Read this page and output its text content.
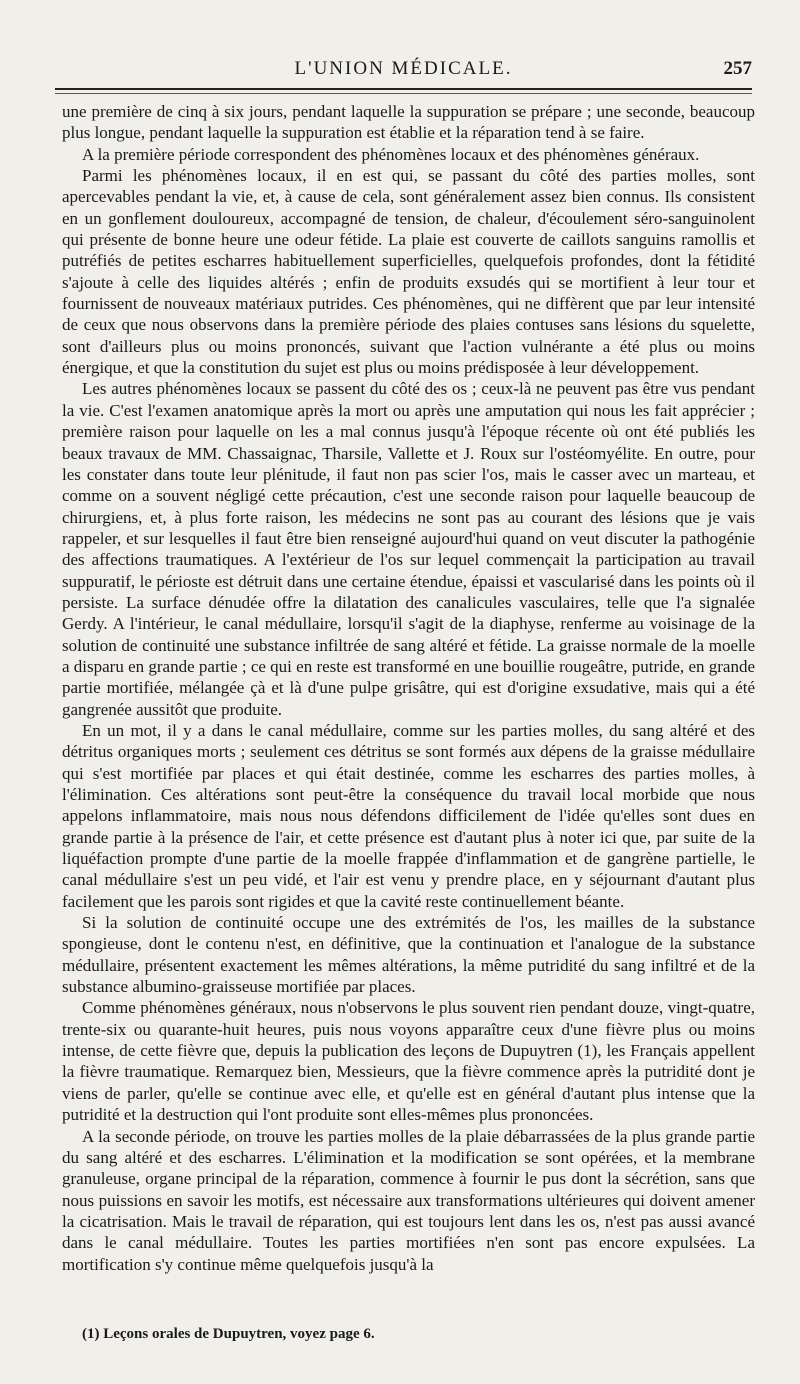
L'UNION MÉDICALE.	257

une première de cinq à six jours, pendant laquelle la suppuration se prépare ; une seconde, beaucoup plus longue, pendant laquelle la suppuration est établie et la réparation tend à se faire.

A la première période correspondent des phénomènes locaux et des phénomènes généraux.

Parmi les phénomènes locaux, il en est qui, se passant du côté des parties molles, sont apercevables pendant la vie, et, à cause de cela, sont généralement assez bien connus. Ils consistent en un gonflement douloureux, accompagné de tension, de chaleur, d'écoulement séro-sanguinolent qui présente de bonne heure une odeur fétide. La plaie est couverte de caillots sanguins ramollis et putréfiés de petites escharres habituellement superficielles, quelquefois profondes, dont la fétidité s'ajoute à celle des liquides altérés ; enfin de produits exsudés qui se mortifient à leur tour et fournissent de nouveaux matériaux putrides. Ces phénomènes, qui ne diffèrent que par leur intensité de ceux que nous observons dans la première période des plaies contuses sans lésions du squelette, sont d'ailleurs plus ou moins prononcés, suivant que l'action vulnérante a été plus ou moins énergique, et que la constitution du sujet est plus ou moins prédisposée à leur développement.

Les autres phénomènes locaux se passent du côté des os ; ceux-là ne peuvent pas être vus pendant la vie. C'est l'examen anatomique après la mort ou après une amputation qui nous les fait apprécier ; première raison pour laquelle on les a mal connus jusqu'à l'époque récente où ont été publiés les beaux travaux de MM. Chassaignac, Tharsile, Vallette et J. Roux sur l'ostéomyélite. En outre, pour les constater dans toute leur plénitude, il faut non pas scier l'os, mais le casser avec un marteau, et comme on a souvent négligé cette précaution, c'est une seconde raison pour laquelle beaucoup de chirurgiens, et, à plus forte raison, les médecins ne sont pas au courant des lésions que je vais rappeler, et sur lesquelles il faut être bien renseigné aujourd'hui quand on veut discuter la pathogénie des affections traumatiques. A l'extérieur de l'os sur lequel commençait la participation au travail suppuratif, le périoste est détruit dans une certaine étendue, épaissi et vascularisé dans les points où il persiste. La surface dénudée offre la dilatation des canalicules vasculaires, telle que l'a signalée Gerdy. A l'intérieur, le canal médullaire, lorsqu'il s'agit de la diaphyse, renferme au voisinage de la solution de continuité une substance infiltrée de sang altéré et fétide. La graisse normale de la moelle a disparu en grande partie ; ce qui en reste est transformé en une bouillie rougeâtre, putride, en grande partie mortifiée, mélangée çà et là d'une pulpe grisâtre, qui est d'origine exsudative, mais qui a été gangrenée aussitôt que produite.

En un mot, il y a dans le canal médullaire, comme sur les parties molles, du sang altéré et des détritus organiques morts ; seulement ces détritus se sont formés aux dépens de la graisse médullaire qui s'est mortifiée par places et qui était destinée, comme les escharres des parties molles, à l'élimination. Ces altérations sont peut-être la conséquence du travail local morbide que nous appelons inflammatoire, mais nous nous défendons difficilement de l'idée qu'elles sont dues en grande partie à la présence de l'air, et cette présence est d'autant plus à noter ici que, par suite de la liquéfaction prompte d'une partie de la moelle frappée d'inflammation et de gangrène partielle, le canal médullaire s'est un peu vidé, et l'air est venu y prendre place, en y séjournant d'autant plus facilement que les parois sont rigides et que la cavité reste continuellement béante.

Si la solution de continuité occupe une des extrémités de l'os, les mailles de la substance spongieuse, dont le contenu n'est, en définitive, que la continuation et l'analogue de la substance médullaire, présentent exactement les mêmes altérations, la même putridité du sang infiltré et de la substance albumino-graisseuse mortifiée par places.

Comme phénomènes généraux, nous n'observons le plus souvent rien pendant douze, vingt-quatre, trente-six ou quarante-huit heures, puis nous voyons apparaître ceux d'une fièvre plus ou moins intense, de cette fièvre que, depuis la publication des leçons de Dupuytren (1), les Français appellent la fièvre traumatique. Remarquez bien, Messieurs, que la fièvre commence après la putridité dont je viens de parler, qu'elle se continue avec elle, et qu'elle est en général d'autant plus intense que la putridité et la destruction qui l'ont produite sont elles-mêmes plus prononcées.

A la seconde période, on trouve les parties molles de la plaie débarrassées de la plus grande partie du sang altéré et des escharres. L'élimination et la modification se sont opérées, et la membrane granuleuse, organe principal de la réparation, commence à fournir le pus dont la sécrétion, sans que nous puissions en savoir les motifs, est nécessaire aux transformations ultérieures qui doivent amener la cicatrisation. Mais le travail de réparation, qui est toujours lent dans les os, n'est pas aussi avancé dans le canal médullaire. Toutes les parties mortifiées n'en sont pas encore expulsées. La mortification s'y continue même quelquefois jusqu'à la

(1) Leçons orales de Dupuytren, voyez page 6.
